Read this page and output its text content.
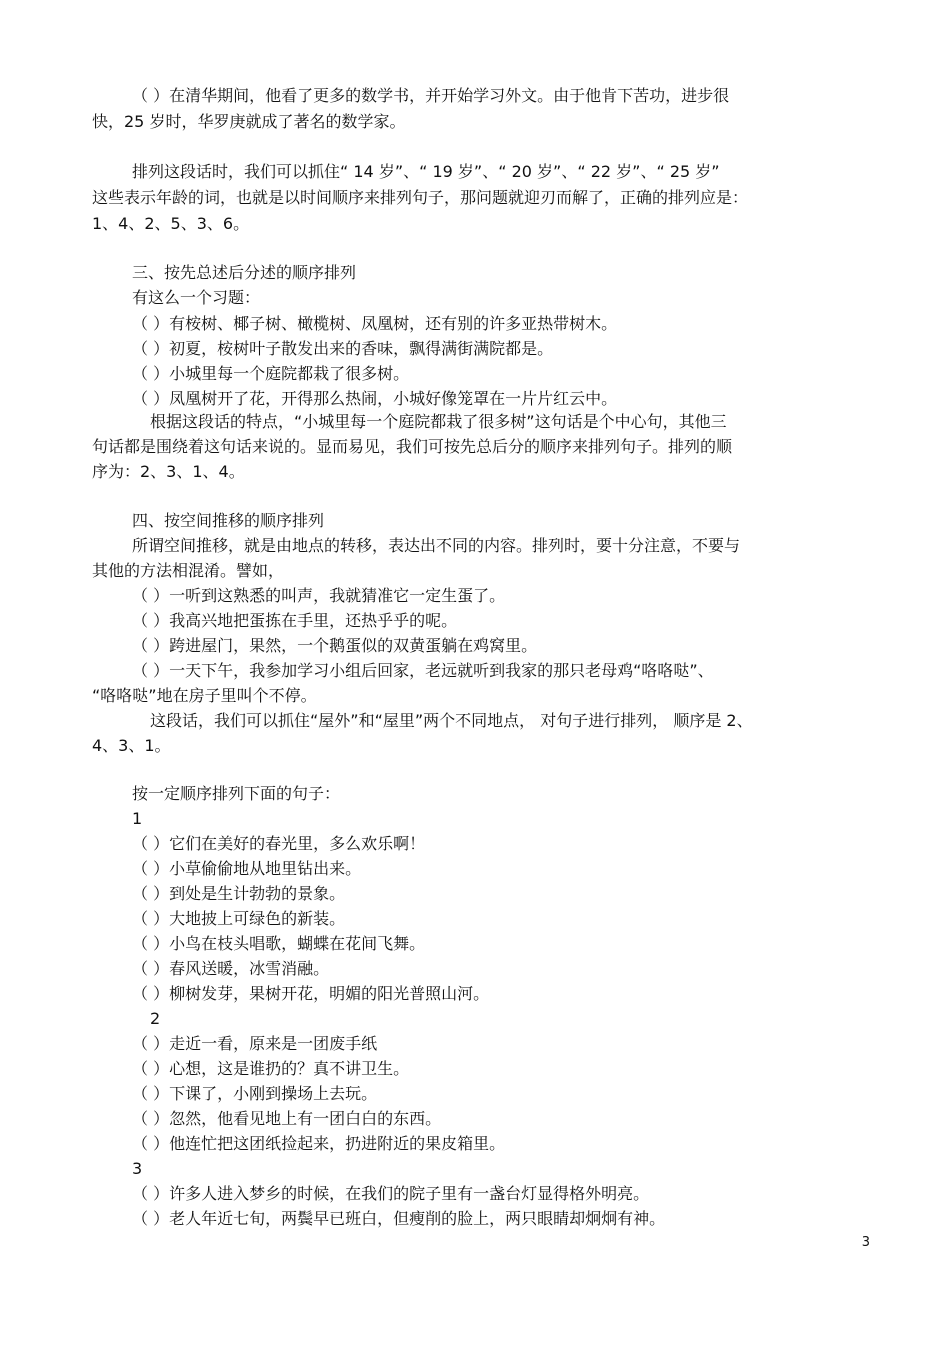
（ ）在清华期间，他看了更多的数学书，并开始学习外文。由于他肯下苦功，进步很
快，25 岁时，华罗庚就成了著名的数学家。
排列这段话时，我们可以抓住“ 14 岁”、“ 19 岁”、“ 20 岁”、“ 22 岁”、“ 25 岁”
这些表示年龄的词，也就是以时间顺序来排列句子，那问题就迎刃而解了，正确的排列应是：
1、4、2、5、3、6。
三、按先总述后分述的顺序排列
有这么一个习题：
（ ）有桉树、椰子树、橄榄树、凤凰树，还有别的许多亚热带树木。
（ ）初夏，桉树叶子散发出来的香味，飘得满街满院都是。
（ ）小城里每一个庭院都栽了很多树。
（ ）凤凰树开了花，开得那么热闹，小城好像笼罩在一片片红云中。
根据这段话的特点，“小城里每一个庭院都栽了很多树”这句话是个中心句，其他三
句话都是围绕着这句话来说的。显而易见，我们可按先总后分的顺序来排列句子。排列的顺
序为：2、3、1、4。
四、按空间推移的顺序排列
所谓空间推移，就是由地点的转移，表达出不同的内容。排列时，要十分注意，不要与
其他的方法相混淆。譬如，
（ ）一听到这熟悉的叫声，我就猜准它一定生蛋了。
（ ）我高兴地把蛋拣在手里，还热乎乎的呢。
（ ）跨进屋门，果然，一个鹅蛋似的双黄蛋躺在鸡窝里。
（ ）一天下午，我参加学习小组后回家，老远就听到我家的那只老母鸡“咯咯哒”、
“咯咯哒”地在房子里叫个不停。
这段话，我们可以抓住“屋外”和“屋里”两个不同地点， 对句子进行排列， 顺序是 2、
4、3、1。
按一定顺序排列下面的句子：
1
（ ）它们在美好的春光里，多么欢乐啊！
（ ）小草偷偷地从地里钻出来。
（ ）到处是生计勃勃的景象。
（ ）大地披上可绿色的新装。
（ ）小鸟在枝头唱歌，蝴蝶在花间飞舞。
（ ）春风送暖，冰雪消融。
（ ）柳树发芽，果树开花，明媚的阳光普照山河。
2
（ ）走近一看，原来是一团废手纸
（ ）心想，这是谁扔的？真不讲卫生。
（ ）下课了，小刚到操场上去玩。
（ ）忽然，他看见地上有一团白白的东西。
（ ）他连忙把这团纸捡起来，扔进附近的果皮箱里。
3
（ ）许多人进入梦乡的时候，在我们的院子里有一盏台灯显得格外明亮。
（ ）老人年近七旬，两鬓早已班白，但瘦削的脸上，两只眼睛却炯炯有神。
3
